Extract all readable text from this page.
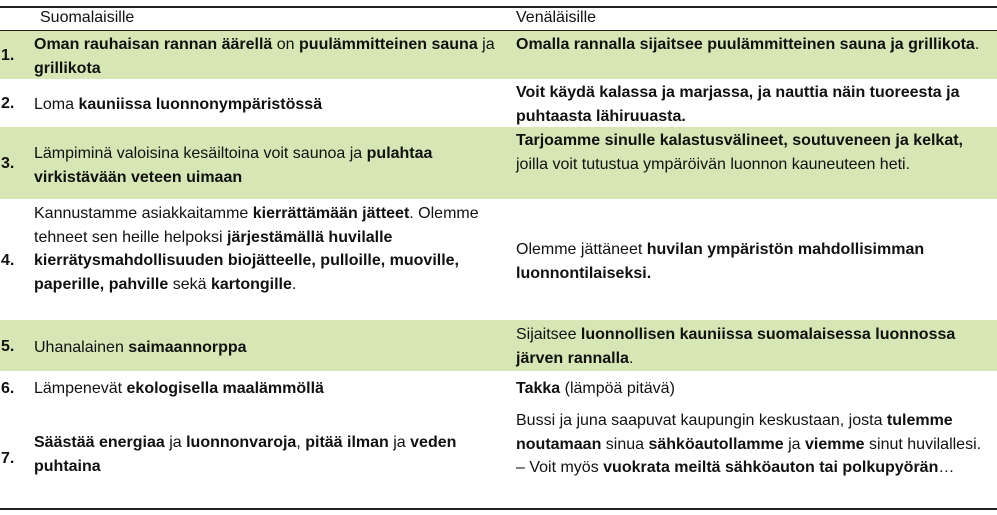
Suomalaisille	Venäläisille
1.
Oman rauhaisan rannan äärellä on puulämmitteinen sauna ja grillikota
Omalla rannalla sijaitsee puulämmitteinen sauna ja grillikota.
2. Loma kauniissa luonnonympäristössä
Voit käydä kalassa ja marjassa, ja nauttia näin tuoreesta ja puhtaasta lähiruuasta.
3.
Lämpiminä valoisina kesäiltoina voit saunoa ja pulahtaa virkistävään veteen uimaan
Tarjoamme sinulle kalastusvälineet, soutuveneen ja kelkat, joilla voit tutustua ympäröivän luonnon kauneuteen heti.
4.
Kannustamme asiakkaitamme kierrättämään jätteet. Olemme tehneet sen heille helpoksi järjestämällä huvilalle kierrätysmahdollisuuden biojätteelle, pulloille, muoville, paperille, pahville sekä kartongille.
Olemme jättäneet huvilan ympäristön mahdollisimman luonnontilaiseksi.
5. Uhanalainen saimaannorppa
Sijaitsee luonnollisen kauniissa suomalaisessa luonnossa järven rannalla.
6. Lämpenevät ekologisella maalämmöllä	Takka (lämpöä pitävä)
7.
Säästää energiaa ja luonnonvaroja, pitää ilman ja veden puhtaina
Bussi ja juna saapuvat kaupungin keskustaan, josta tulemme noutamaan sinua sähköautollamme ja viemme sinut huvilallesi. – Voit myös vuokrata meiltä sähköauton tai polkupyörän…
